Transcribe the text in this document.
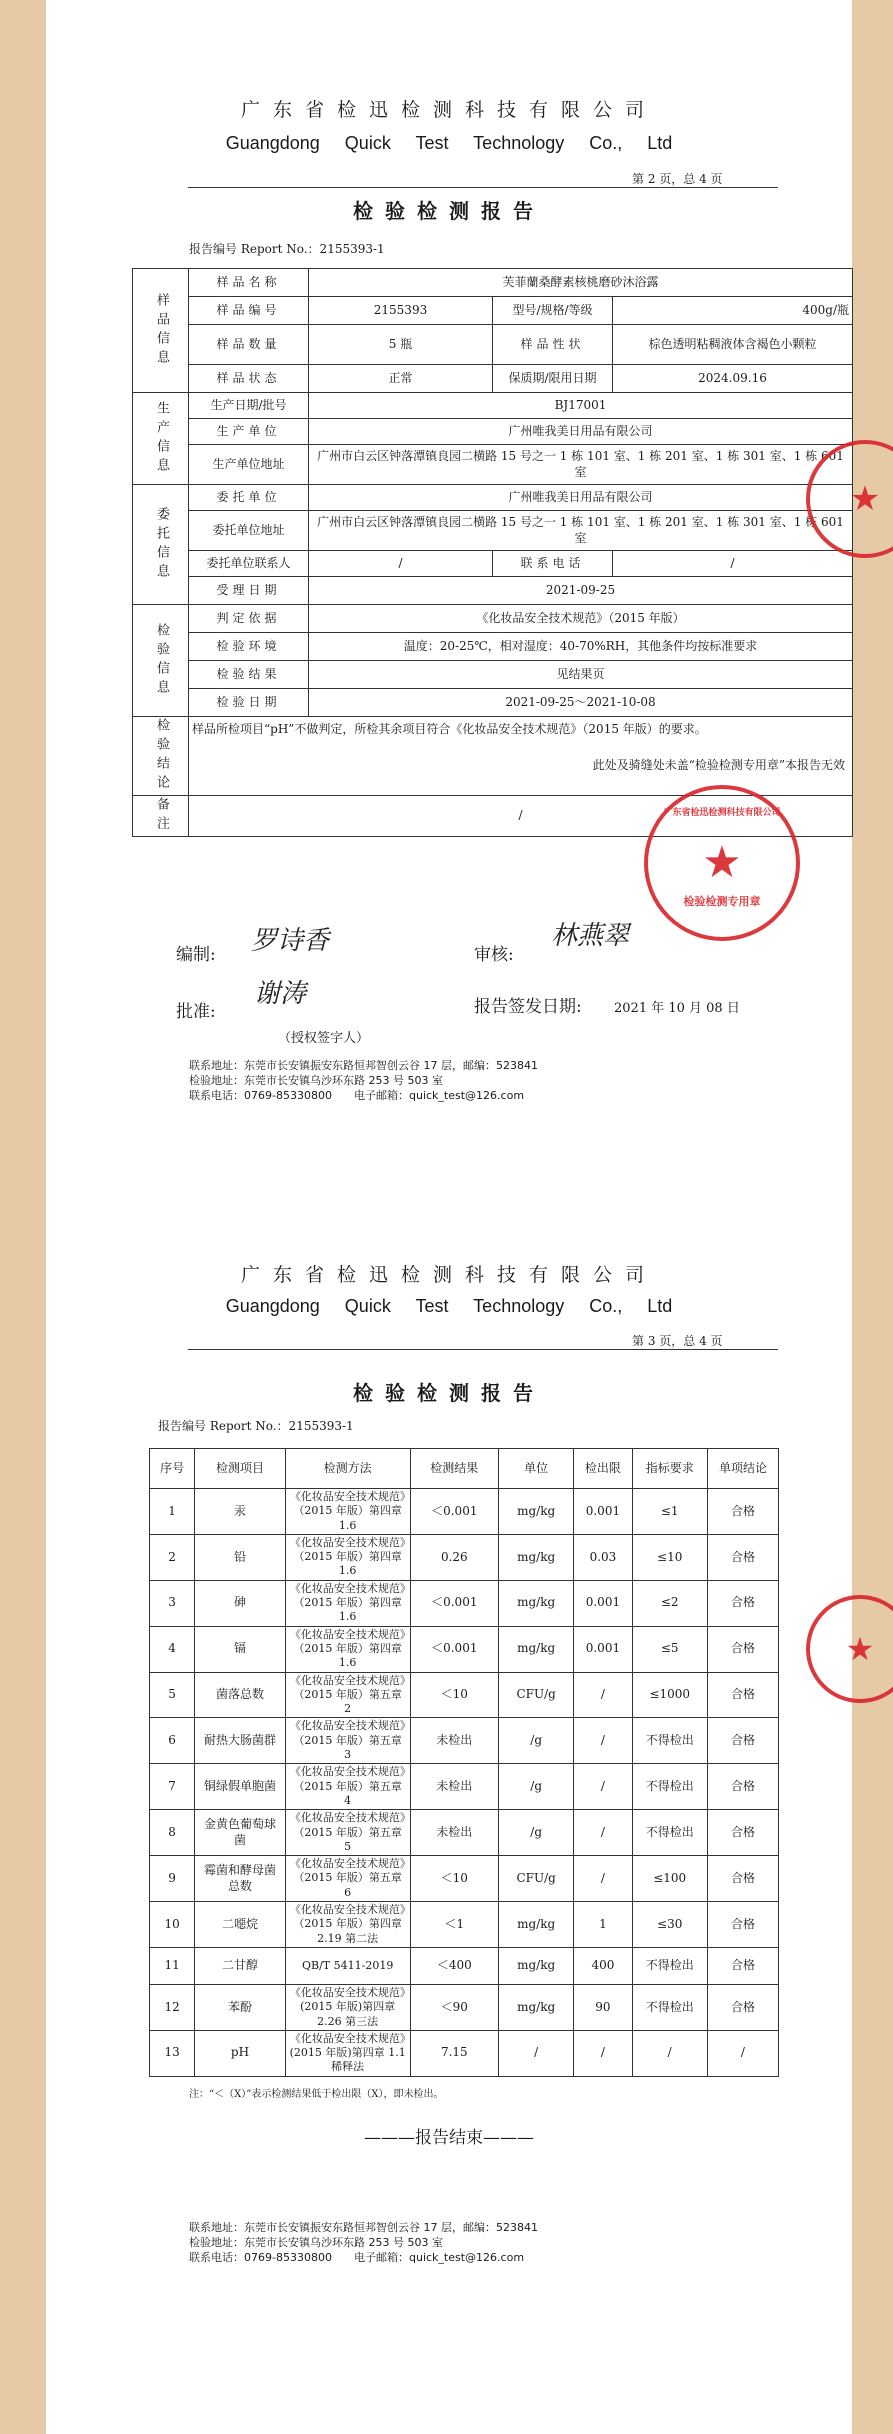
广东省检迅检测科技有限公司
Guangdong Quick Test Technology Co., Ltd
第 2 页，总 4 页
检验检测报告
报告编号 Report No.：2155393-1
样品信息	样品名称	芙菲蘭桑酵素核桃磨砂沐浴露		
	样品编号	2155393	型号/规格/等级	400g/瓶
	样品数量	5 瓶	样品性状	棕色透明粘稠液体含褐色小颗粒
	样品状态	正常	保质期/限用日期	2024.09.16
生产信息	生产日期/批号	BJ17001		
	生产单位	广州唯我美日用品有限公司		
	生产单位地址	广州市白云区钟落潭镇良园二横路 15 号之一 1 栋 101 室、1 栋 201 室、1 栋 301 室、1 栋 601 室		
委托信息	委托单位	广州唯我美日用品有限公司		
	委托单位地址	广州市白云区钟落潭镇良园二横路 15 号之一 1 栋 101 室、1 栋 201 室、1 栋 301 室、1 栋 601 室		
	委托单位联系人	/	联系电话	/
	受理日期	2021-09-25		
检验信息	判定依据	《化妆品安全技术规范》（2015 年版）		
	检验环境	温度：20-25℃，相对湿度：40-70%RH，其他条件均按标准要求		
	检验结果	见结果页		
	检验日期	2021-09-25～2021-10-08		
检验结论	样品所检项目“pH”不做判定，所检其余项目符合《化妆品安全技术规范》（2015 年版）的要求。
此处及骑缝处未盖“检验检测专用章”本报告无效			

备注	/			
★
检验检测专用章
广东省检迅检测科技有限公司
★
编制: 罗诗香	审核:
林燕翠
批准:
谢涛
（授权签字人）
报告签发日期: 2021 年 10 月 08 日
联系地址：东莞市长安镇振安东路恒邦智创云谷 17 层，邮编：523841
检验地址：东莞市长安镇乌沙环东路 253 号 503 室
联系电话：0769-85330800 电子邮箱：quick_test@126.com
广东省检迅检测科技有限公司
Guangdong Quick Test Technology Co., Ltd
第 3 页，总 4 页
检验检测报告
报告编号 Report No.：2155393-1
序号	检测项目	检测方法	检测结果	单位	检出限	指标要求	单项结论
1	汞	《化妆品安全技术规范》（2015 年版）第四章 1.6	＜0.001	mg/kg	0.001	≤1	合格
2	铅	《化妆品安全技术规范》（2015 年版）第四章 1.6	0.26	mg/kg	0.03	≤10	合格
3	砷	《化妆品安全技术规范》（2015 年版）第四章 1.6	＜0.001	mg/kg	0.001	≤2	合格
4	镉	《化妆品安全技术规范》（2015 年版）第四章 1.6	＜0.001	mg/kg	0.001	≤5	合格
5	菌落总数	《化妆品安全技术规范》（2015 年版）第五章 2	＜10	CFU/g	/	≤1000	合格
6	耐热大肠菌群	《化妆品安全技术规范》（2015 年版）第五章 3	未检出	/g	/	不得检出	合格
7	铜绿假单胞菌	《化妆品安全技术规范》（2015 年版）第五章 4	未检出	/g	/	不得检出	合格
8	金黄色葡萄球菌	《化妆品安全技术规范》（2015 年版）第五章 5	未检出	/g	/	不得检出	合格
9	霉菌和酵母菌总数	《化妆品安全技术规范》（2015 年版）第五章 6	＜10	CFU/g	/	≤100	合格
10	二噁烷	《化妆品安全技术规范》（2015 年版）第四章 2.19 第二法	＜1	mg/kg	1	≤30	合格
11	二甘醇	QB/T 5411-2019	＜400	mg/kg	400	不得检出	合格
12	苯酚	《化妆品安全技术规范》(2015 年版)第四章 2.26 第三法	＜90	mg/kg	90	不得检出	合格
13	pH	《化妆品安全技术规范》(2015 年版)第四章 1.1 稀释法	7.15	/	/	/	/
注：“＜（X）”表示检测结果低于检出限（X），即未检出。
———报告结束———
★
联系地址：东莞市长安镇振安东路恒邦智创云谷 17 层，邮编：523841
检验地址：东莞市长安镇乌沙环东路 253 号 503 室
联系电话：0769-85330800 电子邮箱：quick_test@126.com
